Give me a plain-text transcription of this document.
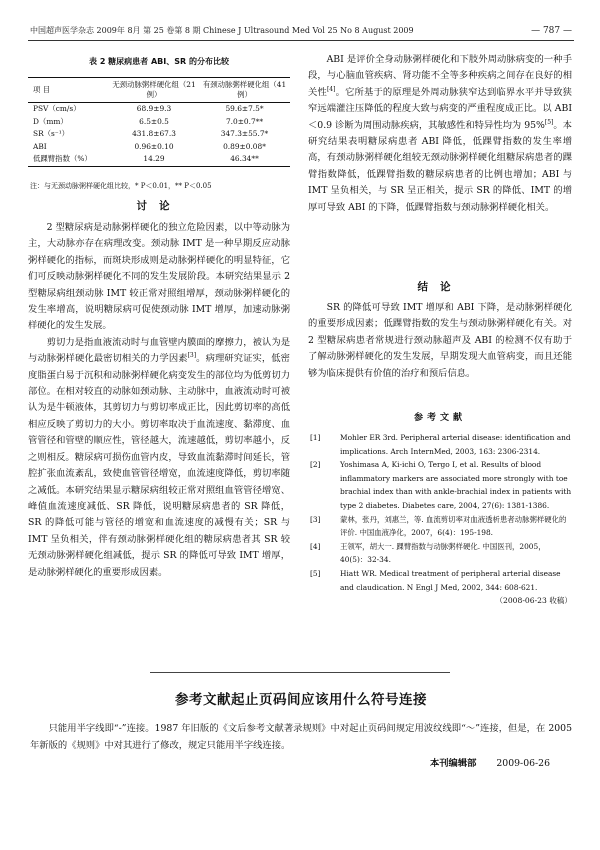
中国超声医学杂志 2009年 8月 第 25 卷第 8 期 Chinese J Ultrasound Med Vol 25 No 8 August 2009	— 787 —
表 2 糖尿病患者 ABI、SR 的分布比较
项 目	无颈动脉粥样硬化组（21 例）	有颈动脉粥样硬化组（41 例）
PSV（cm/s）	68.9±9.3	59.6±7.5*
D（mm）	6.5±0.5	7.0±0.7**
SR（s⁻¹）	431.8±67.3	347.3±55.7*
ABI	0.96±0.10	0.89±0.08*
低踝臂指数（%）	14.29	46.34**
注：与无颈动脉粥样硬化组比较，* P＜0.01，** P＜0.05
讨论

2 型糖尿病是动脉粥样硬化的独立危险因素，以中等动脉为主，大动脉亦存在病理改变。颈动脉 IMT 是一种早期反应动脉粥样硬化的指标，而斑块形成则是动脉粥样硬化的明显特征，它们可反映动脉粥样硬化不同的发生发展阶段。本研究结果显示 2 型糖尿病组颈动脉 IMT 较正常对照组增厚，颈动脉粥样硬化的发生率增高，说明糖尿病可促使颈动脉 IMT 增厚，加速动脉粥样硬化的发生发展。

剪切力是指血液流动时与血管壁内膜面的摩擦力，被认为是与动脉粥样硬化最密切相关的力学因素[3]。病理研究证实，低密度脂蛋白易于沉积和动脉粥样硬化病变发生的部位均为低剪切力部位。在相对较直的动脉如颈动脉、主动脉中，血液流动时可被认为是牛顿液体，其剪切力与剪切率成正比，因此剪切率的高低相应反映了剪切力的大小。剪切率取决于血流速度、黏滞度、血管管径和管壁的顺应性，管径越大，流速越低，剪切率越小，反之则相反。糖尿病可损伤血管内皮，导致血流黏滞时间延长，管腔扩张血流紊乱，致使血管管径增宽，血流速度降低，剪切率随之减低。本研究结果显示糖尿病组较正常对照组血管管径增宽、峰值血流速度减低、SR 降低，说明糖尿病患者的 SR 降低，SR 的降低可能与管径的增宽和血流速度的减慢有关；SR 与 IMT 呈负相关，伴有颈动脉粥样硬化组的糖尿病患者其 SR 较无颈动脉粥样硬化组减低，提示 SR 的降低可导致 IMT 增厚，是动脉粥样硬化的重要形成因素。

ABI 是评价全身动脉粥样硬化和下肢外周动脉病变的一种手段，与心脑血管疾病、肾功能不全等多种疾病之间存在良好的相关性[4]。它所基于的原理是外周动脉狭窄达到临界水平并导致狭窄远端灌注压降低的程度大致与病变的严重程度成正比。以 ABI＜0.9 诊断为周围动脉疾病，其敏感性和特异性均为 95%[5]。本研究结果表明糖尿病患者 ABI 降低，低踝臂指数的发生率增高，有颈动脉粥样硬化组较无颈动脉粥样硬化组糖尿病患者的踝臂指数降低，低踝臂指数的糖尿病患者的比例也增加；ABI 与 IMT 呈负相关，与 SR 呈正相关，提示 SR 的降低、IMT 的增厚可导致 ABI 的下降，低踝臂指数与颈动脉粥样硬化相关。

结论

SR 的降低可导致 IMT 增厚和 ABI 下降，是动脉粥样硬化的重要形成因素；低踝臂指数的发生与颈动脉粥样硬化有关。对 2 型糖尿病患者常规进行颈动脉超声及 ABI 的检测不仅有助于了解动脉粥样硬化的发生发展，早期发现大血管病变，而且还能够为临床提供有价值的治疗和预后信息。

参考文献
[1]	Mohler ER 3rd. Peripheral arterial disease: identification and implications. Arch InternMed, 2003, 163: 2306-2314.
[2]	Yoshimasa A, Ki-ichi O, Tergo I, et al. Results of blood inflammatory markers are associated more strongly with toe brachial index than with ankle-brachial index in patients with type 2 diabetes. Diabetes care, 2004, 27(6): 1381-1386.
[3]	蒙林，张丹，刘惠兰，等. 血流剪切率对血液透析患者动脉粥样硬化的评价. 中国血液净化，2007，6(4)：195-198.
[4]	王领军，胡大一. 踝臂指数与动脉粥样硬化. 中国医刊，2005，40(5)：32-34.
[5]	Hiatt WR. Medical treatment of peripheral arterial disease and claudication. N Engl J Med, 2002, 344: 608-621.
（2008-06-23 收稿）
参考文献起止页码间应该用什么符号连接

只能用半字线即“-”连接。1987 年旧版的《文后参考文献著录规则》中对起止页码间规定用波纹线即“～”连接，但是，在 2005 年新版的《规则》中对其进行了修改，规定只能用半字线连接。

本刊编辑部 2009-06-26
